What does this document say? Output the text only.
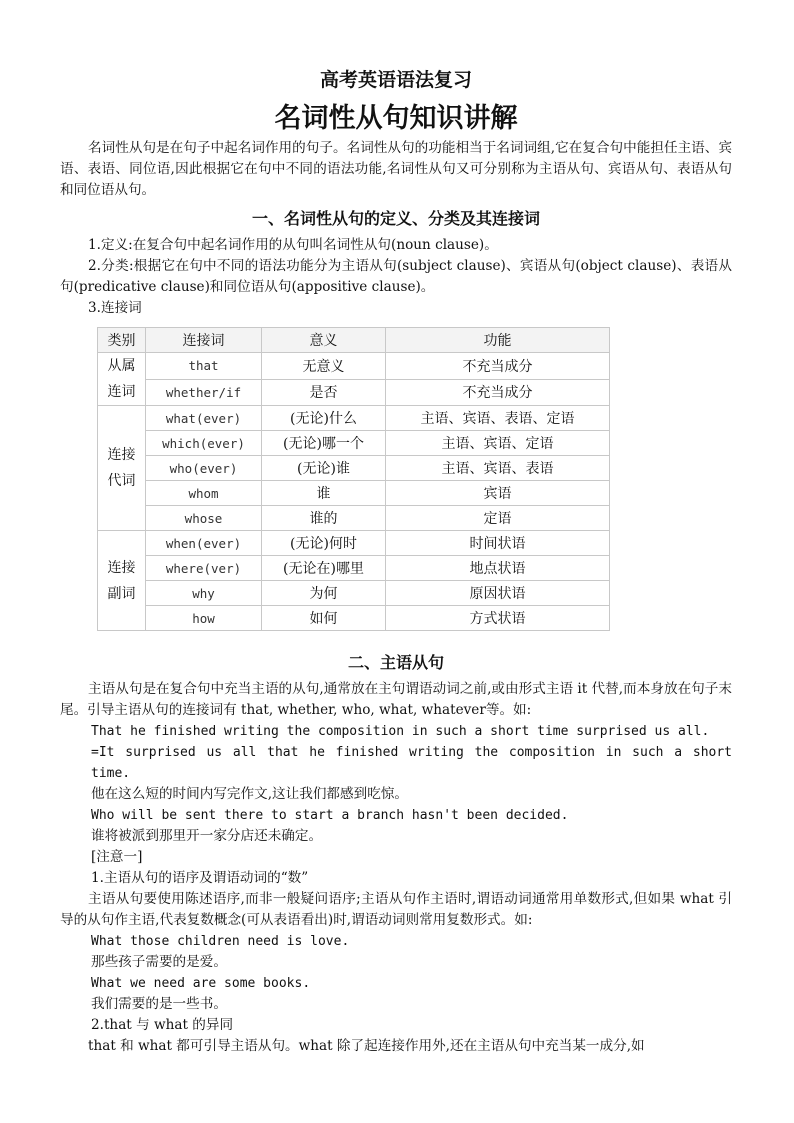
高考英语语法复习
名词性从句知识讲解

名词性从句是在句子中起名词作用的句子。名词性从句的功能相当于名词词组,它在复合句中能担任主语、宾语、表语、同位语,因此根据它在句中不同的语法功能,名词性从句又可分别称为主语从句、宾语从句、表语从句和同位语从句。

一、名词性从句的定义、分类及其连接词

1.定义:在复合句中起名词作用的从句叫名词性从句(noun clause)。

2.分类:根据它在句中不同的语法功能分为主语从句(subject clause)、宾语从句(object clause)、表语从句(predicative clause)和同位语从句(appositive clause)。

3.连接词

类别	连接词	意义	功能

从属
连词	that	无意义	不充当成分
	whether/if	是否	不充当成分

连接
代词	what(ever)	(无论)什么	主语、宾语、表语、定语
	which(ever)	(无论)哪一个	主语、宾语、定语
	who(ever)	(无论)谁	主语、宾语、表语
	whom	谁	宾语
	whose	谁的	定语

连接
副词	when(ever)	(无论)何时	时间状语
	where(ver)	(无论在)哪里	地点状语
	why	为何	原因状语
	how	如何	方式状语
二、主语从句

主语从句是在复合句中充当主语的从句,通常放在主句谓语动词之前,或由形式主语 it 代替,而本身放在句子末尾。引导主语从句的连接词有 that, whether, who, what, whatever等。如:

That he finished writing the composition in such a short time surprised us all.

=It surprised us all that he finished writing the composition in such a short time.

他在这么短的时间内写完作文,这让我们都感到吃惊。

Who will be sent there to start a branch hasn't been decided.

谁将被派到那里开一家分店还未确定。

[注意一]

1.主语从句的语序及谓语动词的“数”

主语从句要使用陈述语序,而非一般疑问语序;主语从句作主语时,谓语动词通常用单数形式,但如果 what 引导的从句作主语,代表复数概念(可从表语看出)时,谓语动词则常用复数形式。如:

What those children need is love.

那些孩子需要的是爱。

What we need are some books.

我们需要的是一些书。

2.that 与 what 的异同

that 和 what 都可引导主语从句。what 除了起连接作用外,还在主语从句中充当某一成分,如
